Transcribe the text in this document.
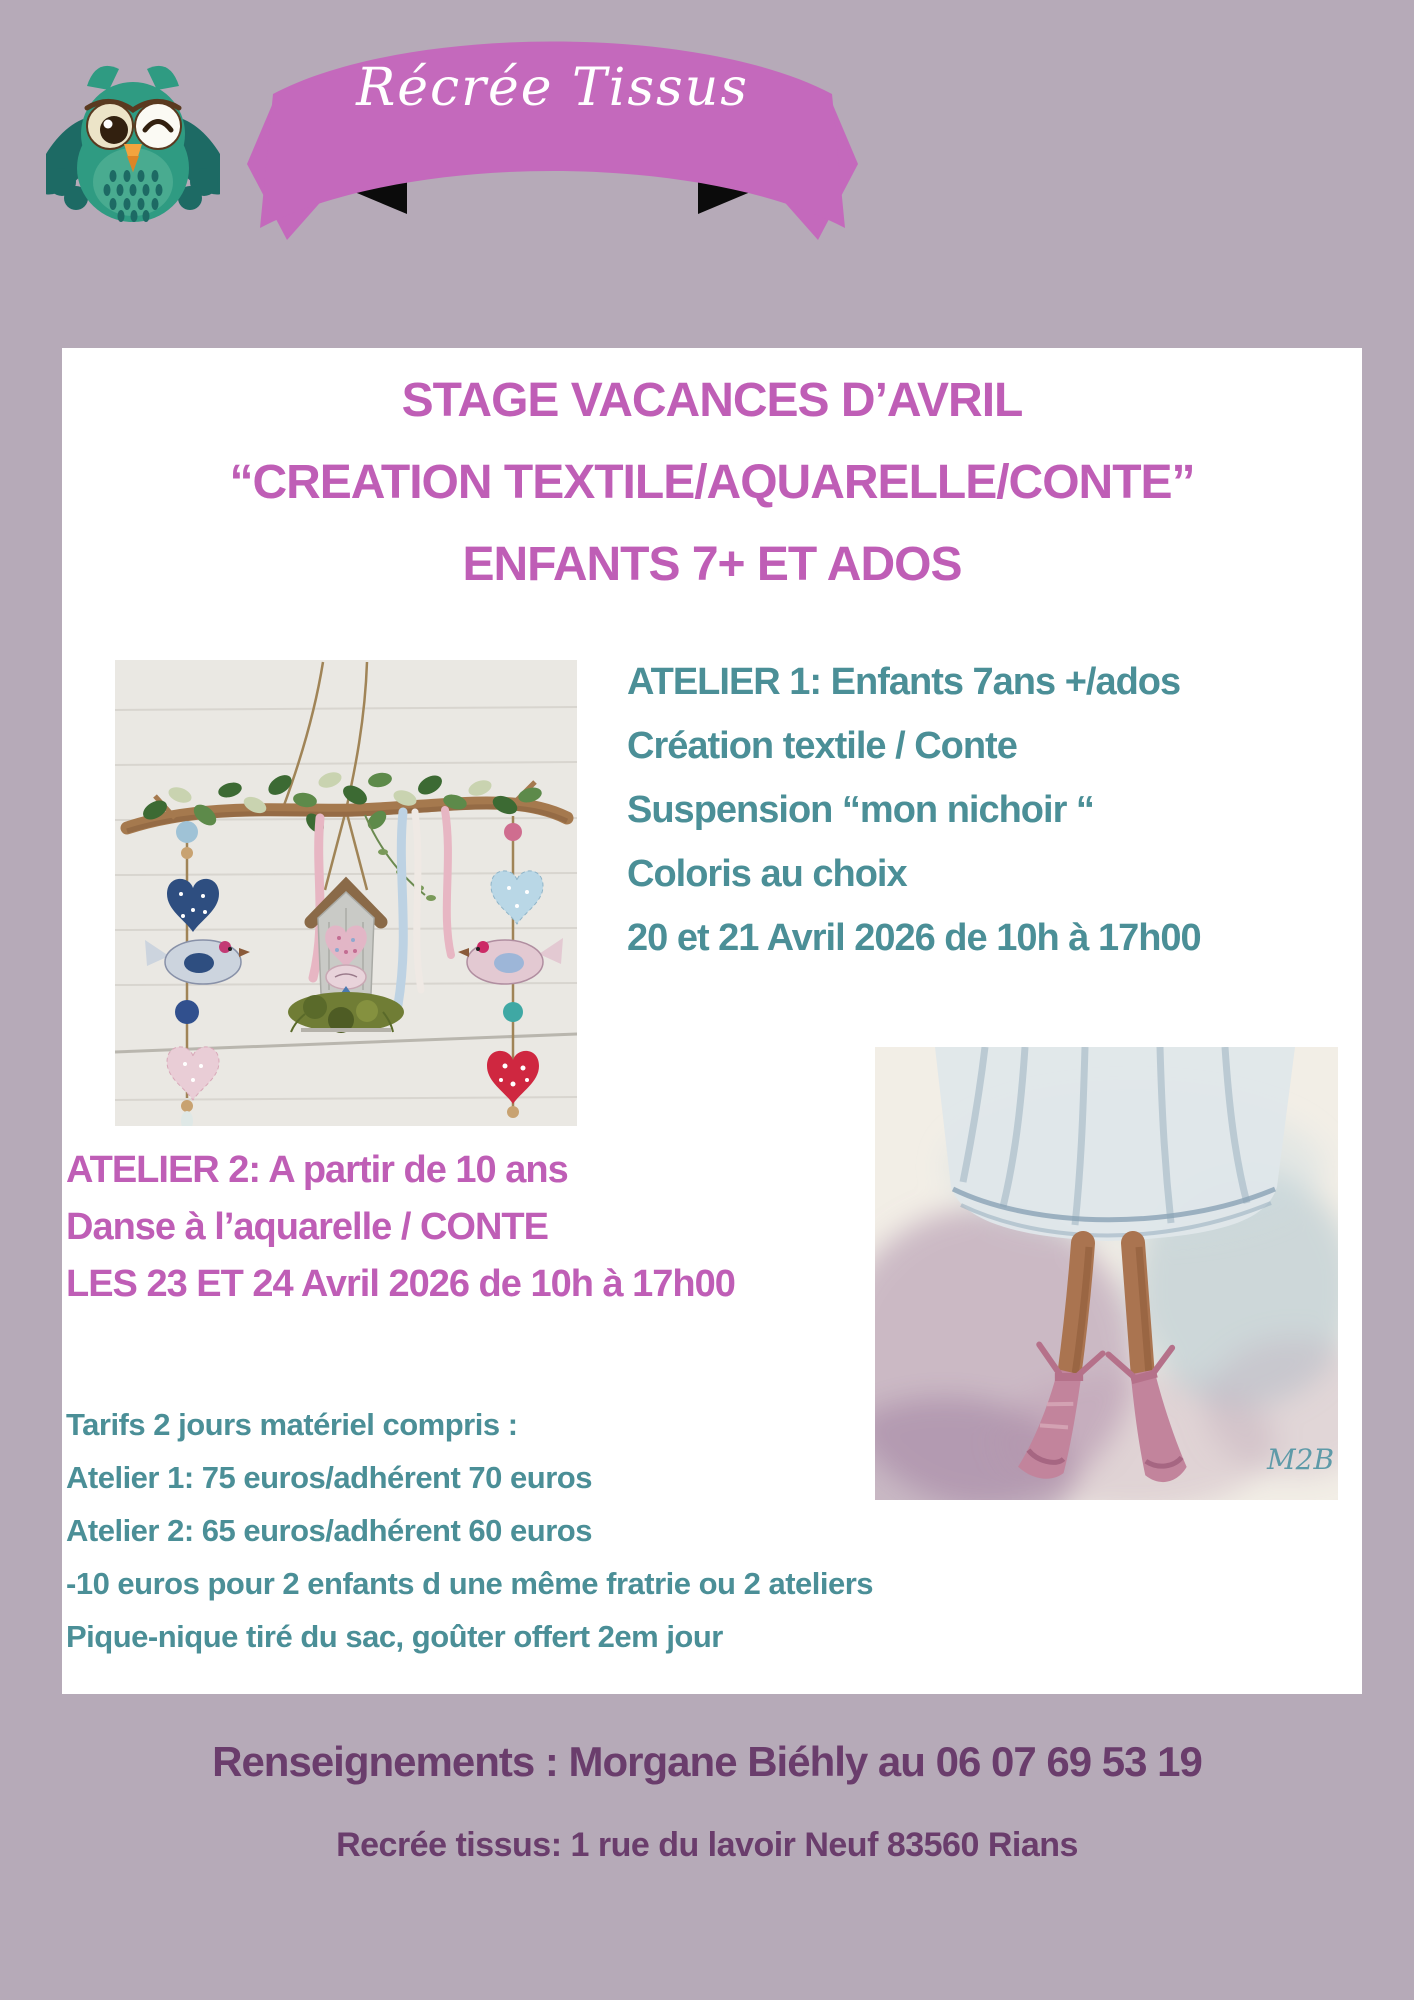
Récrée Tissus
STAGE VACANCES D’AVRIL
“CREATION TEXTILE/AQUARELLE/CONTE”
ENFANTS 7+ ET ADOS
ATELIER 1: Enfants 7ans +/ados
Création textile / Conte
Suspension “mon nichoir “
Coloris au choix
20 et 21 Avril 2026 de 10h à 17h00
ATELIER 2: A partir de 10 ans
Danse à l’aquarelle / CONTE
LES 23 ET 24 Avril 2026 de 10h à 17h00
M2B
Tarifs 2 jours matériel compris :
Atelier 1: 75 euros/adhérent 70 euros
Atelier 2: 65 euros/adhérent 60 euros
-10 euros pour 2 enfants d une même fratrie ou 2 ateliers
Pique-nique tiré du sac, goûter offert 2em jour
Renseignements : Morgane Biéhly au 06 07 69 53 19
Recrée tissus: 1 rue du lavoir Neuf 83560 Rians
